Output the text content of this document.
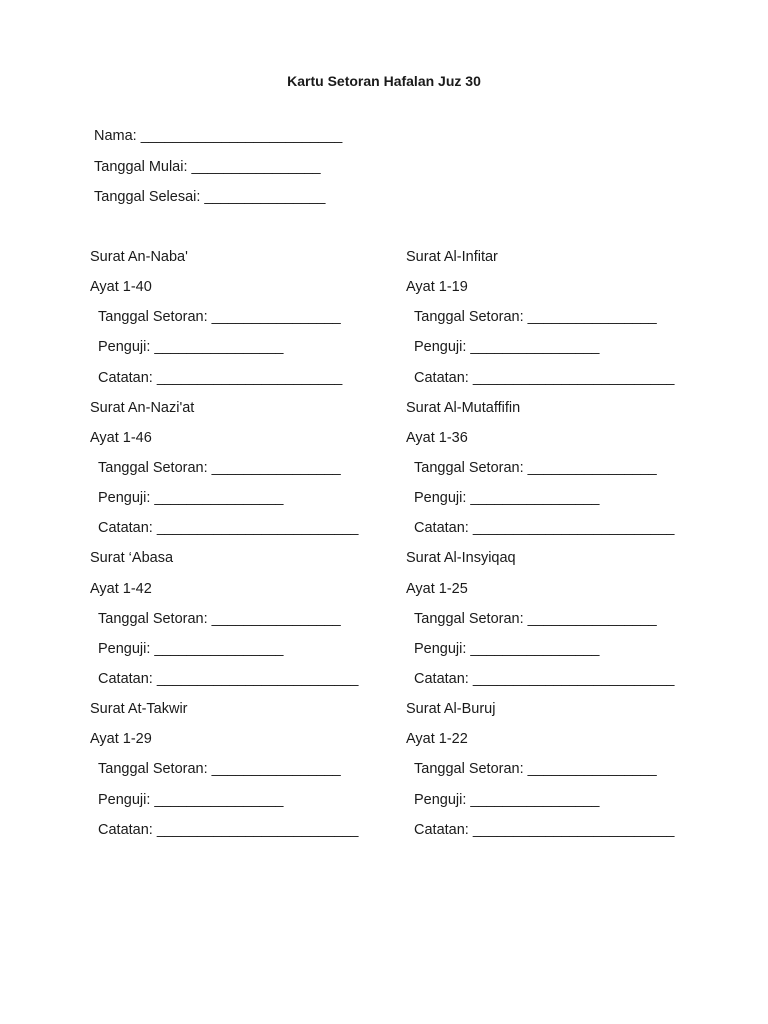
Kartu Setoran Hafalan Juz 30
Nama: _________________________
Tanggal Mulai: ________________
Tanggal Selesai: _______________
Surat An-Naba'
Ayat 1-40
Tanggal Setoran: ________________
Penguji: ________________
Catatan: _______________________
Surat An-Nazi'at
Ayat 1-46
Tanggal Setoran: ________________
Penguji: ________________
Catatan: _________________________
Surat ‘Abasa
Ayat 1-42
Tanggal Setoran: ________________
Penguji: ________________
Catatan: _________________________
Surat At-Takwir
Ayat 1-29
Tanggal Setoran: ________________
Penguji: ________________
Catatan: _________________________
Surat Al-Infitar
Ayat 1-19
Tanggal Setoran: ________________
Penguji: ________________
Catatan: _________________________
Surat Al-Mutaffifin
Ayat 1-36
Tanggal Setoran: ________________
Penguji: ________________
Catatan: _________________________
Surat Al-Insyiqaq
Ayat 1-25
Tanggal Setoran: ________________
Penguji: ________________
Catatan: _________________________
Surat Al-Buruj
Ayat 1-22
Tanggal Setoran: ________________
Penguji: ________________
Catatan: _________________________
